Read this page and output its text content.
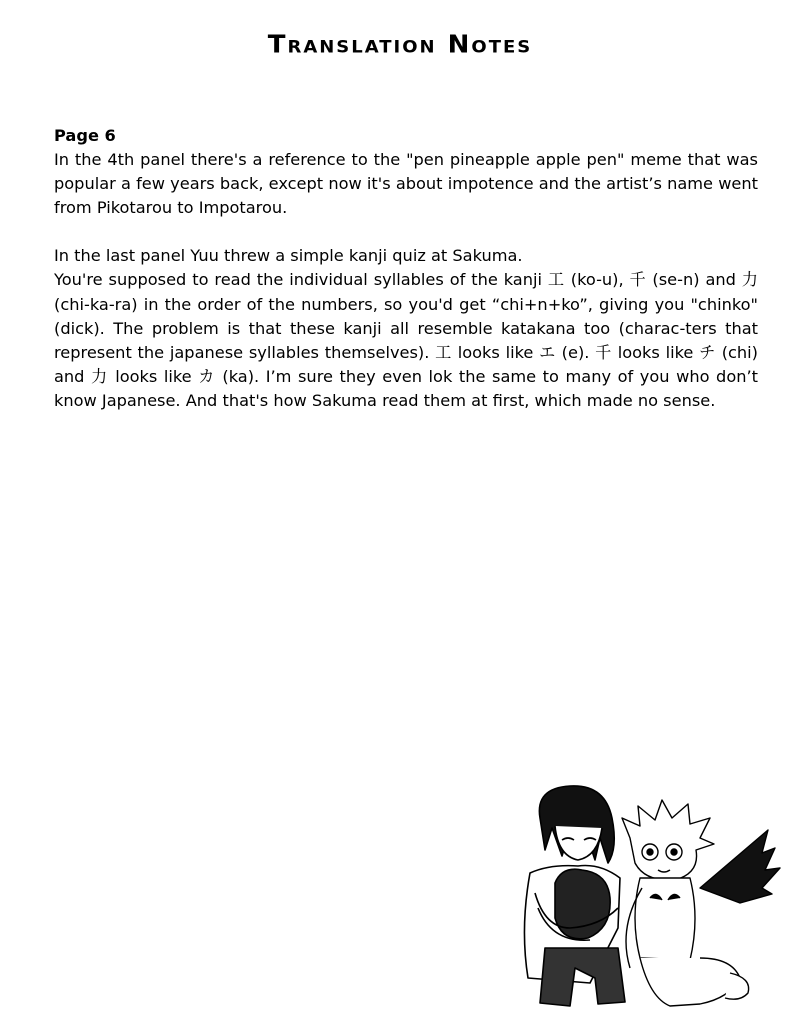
Translation Notes

Page 6

In the 4th panel there's a reference to the "pen pineapple apple pen" meme that was popular a few years back, except now it's about impotence and the artist’s name went from Pikotarou to Impotarou.

In the last panel Yuu threw a simple kanji quiz at Sakuma.

You're supposed to read the individual syllables of the kanji 工 (ko-u), 千 (se-n) and 力 (chi-ka-ra) in the order of the numbers, so you'd get “chi+n+ko”, giving you "chinko" (dick). The problem is that these kanji all resemble katakana too (charac-ters that represent the japanese syllables themselves). 工 looks like エ (e). 千 looks like チ (chi) and 力 looks like カ (ka). I’m sure they even lok the same to many of you who don’t know Japanese. And that's how Sakuma read them at first, which made no sense.
